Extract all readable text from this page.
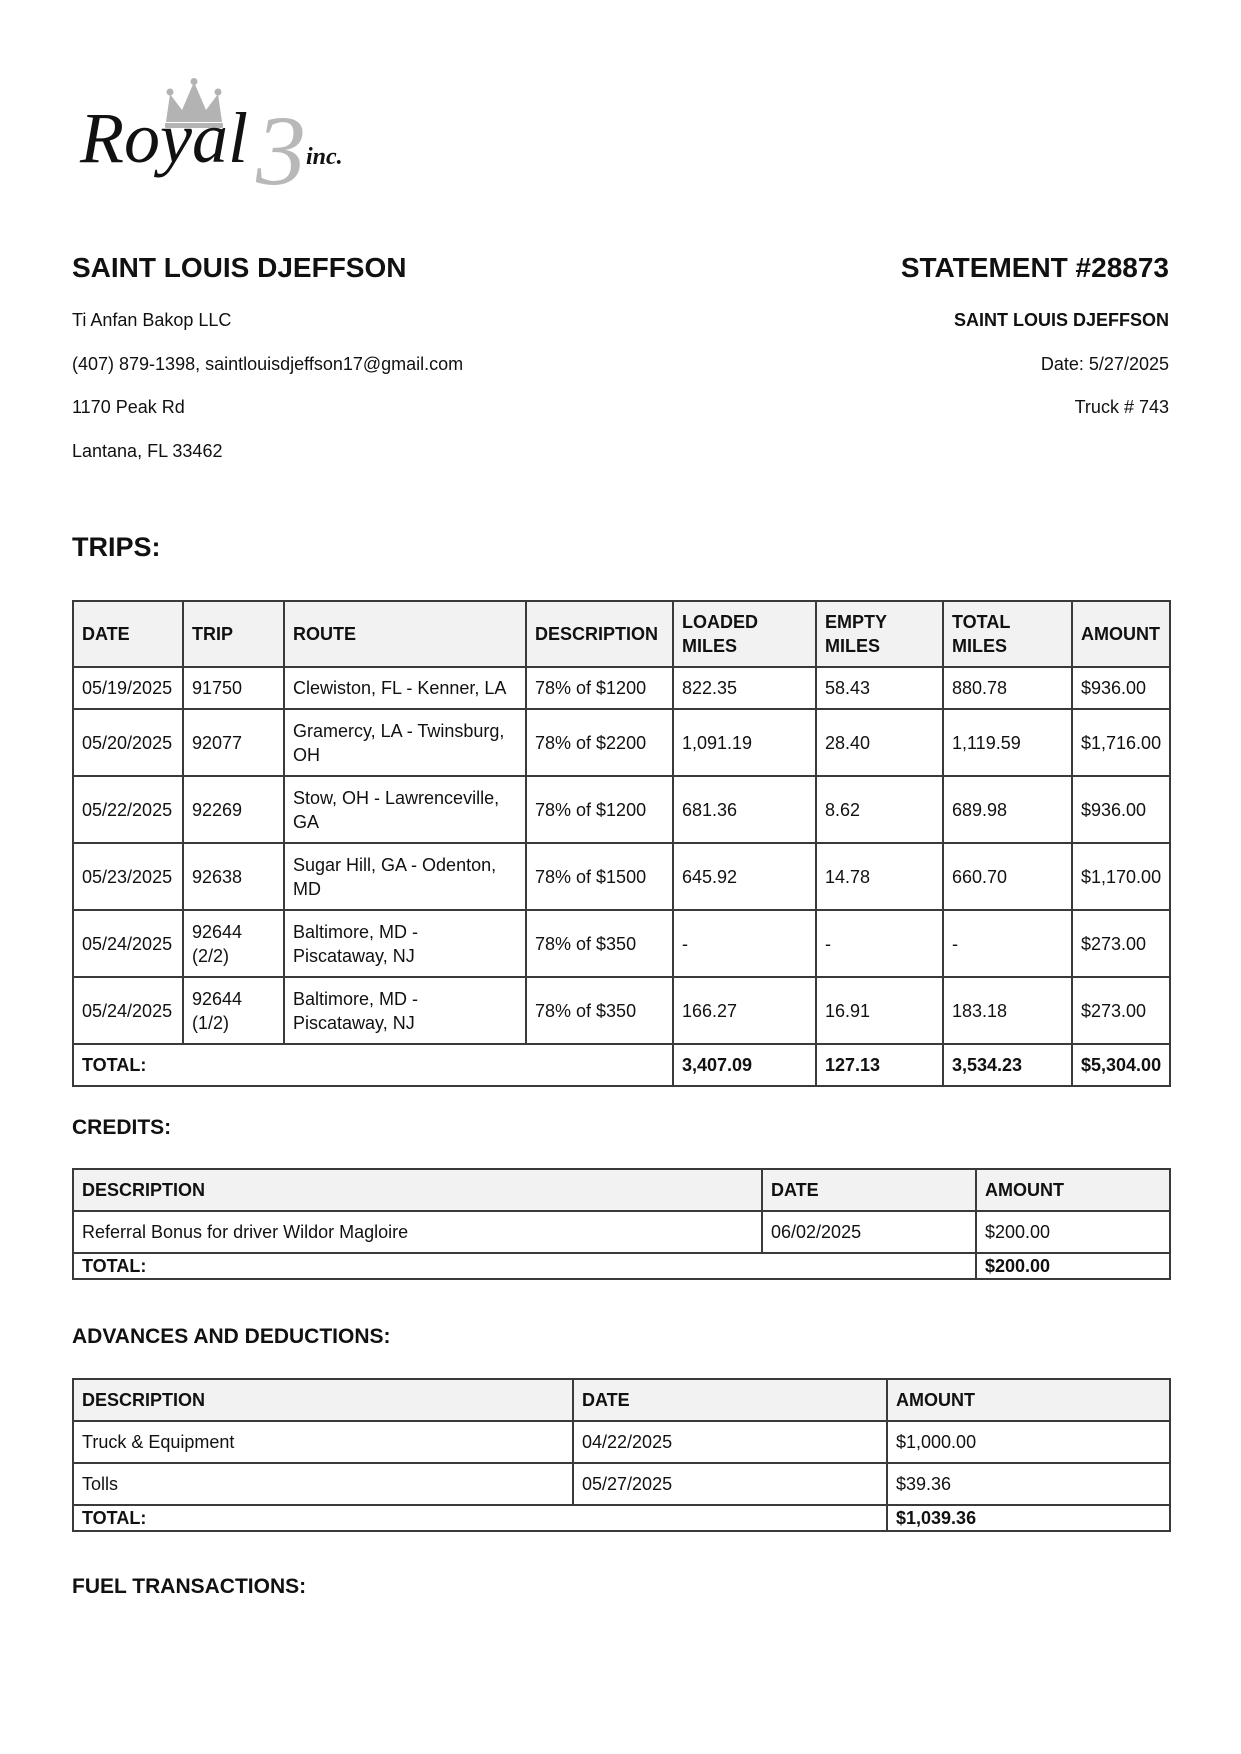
3
Royal inc.
SAINT LOUIS DJEFFSON
Ti Anfan Bakop LLC
(407) 879-1398, saintlouisdjeffson17@gmail.com
1170 Peak Rd
Lantana, FL 33462
STATEMENT #28873
SAINT LOUIS DJEFFSON
Date: 5/27/2025
Truck # 743
TRIPS:
DATE	TRIP	ROUTE	DESCRIPTION	LOADED MILES	EMPTY MILES	TOTAL MILES	AMOUNT
05/19/2025	91750	Clewiston, FL - Kenner, LA	78% of $1200	822.35	58.43	880.78	$936.00
05/20/2025	92077	Gramercy, LA - Twinsburg, OH	78% of $2200	1,091.19	28.40	1,119.59	$1,716.00
05/22/2025	92269	Stow, OH - Lawrenceville, GA	78% of $1200	681.36	8.62	689.98	$936.00
05/23/2025	92638	Sugar Hill, GA - Odenton, MD	78% of $1500	645.92	14.78	660.70	$1,170.00
05/24/2025	92644 (2/2)	Baltimore, MD - Piscataway, NJ	78% of $350	-	-	-	$273.00
05/24/2025	92644 (1/2)	Baltimore, MD - Piscataway, NJ	78% of $350	166.27	16.91	183.18	$273.00
TOTAL:				3,407.09	127.13	3,534.23	$5,304.00
CREDITS:
DESCRIPTION	DATE	AMOUNT
Referral Bonus for driver Wildor Magloire	06/02/2025	$200.00
TOTAL:		$200.00
ADVANCES AND DEDUCTIONS:
DESCRIPTION	DATE	AMOUNT
Truck & Equipment	04/22/2025	$1,000.00
Tolls	05/27/2025	$39.36
TOTAL:		$1,039.36
FUEL TRANSACTIONS:
